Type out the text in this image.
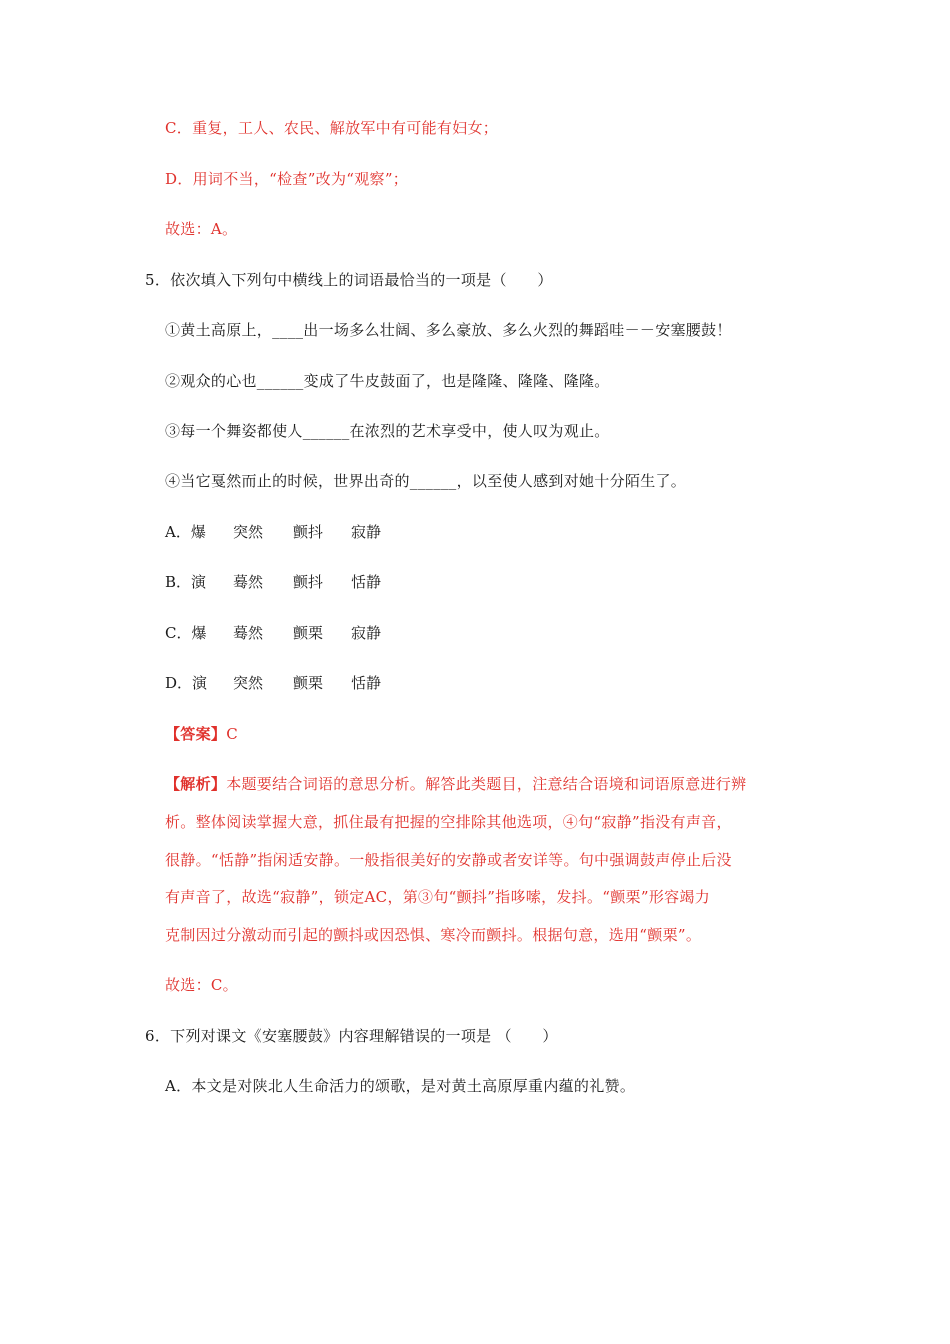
C．重复，工人、农民、解放军中有可能有妇女；
D．用词不当，“检查”改为“观察”；
故选：A。
5．依次填入下列句中横线上的词语最恰当的一项是（　　）
①黄土高原上，____出一场多么壮阔、多么豪放、多么火烈的舞蹈哇－－安塞腰鼓！
②观众的心也______变成了牛皮鼓面了，也是隆隆、隆隆、隆隆。
③每一个舞姿都使人______在浓烈的艺术享受中，使人叹为观止。
④当它戛然而止的时候，世界出奇的______，以至使人感到对她十分陌生了。
A．爆 突然 颤抖 寂静
B．演 蓦然 颤抖 恬静
C．爆 蓦然 颤栗 寂静
D．演 突然 颤栗 恬静
【答案】C
【解析】本题要结合词语的意思分析。解答此类题目，注意结合语境和词语原意进行辨
析。整体阅读掌握大意，抓住最有把握的空排除其他选项，④句“寂静”指没有声音，
很静。“恬静”指闲适安静。一般指很美好的安静或者安详等。句中强调鼓声停止后没
有声音了，故选“寂静”，锁定AC，第③句“颤抖”指哆嗦，发抖。“颤栗”形容竭力
克制因过分激动而引起的颤抖或因恐惧、寒冷而颤抖。根据句意，选用“颤栗”。
故选：C。
6．下列对课文《安塞腰鼓》内容理解错误的一项是 （　　）
A．本文是对陕北人生命活力的颂歌，是对黄土高原厚重内蕴的礼赞。
